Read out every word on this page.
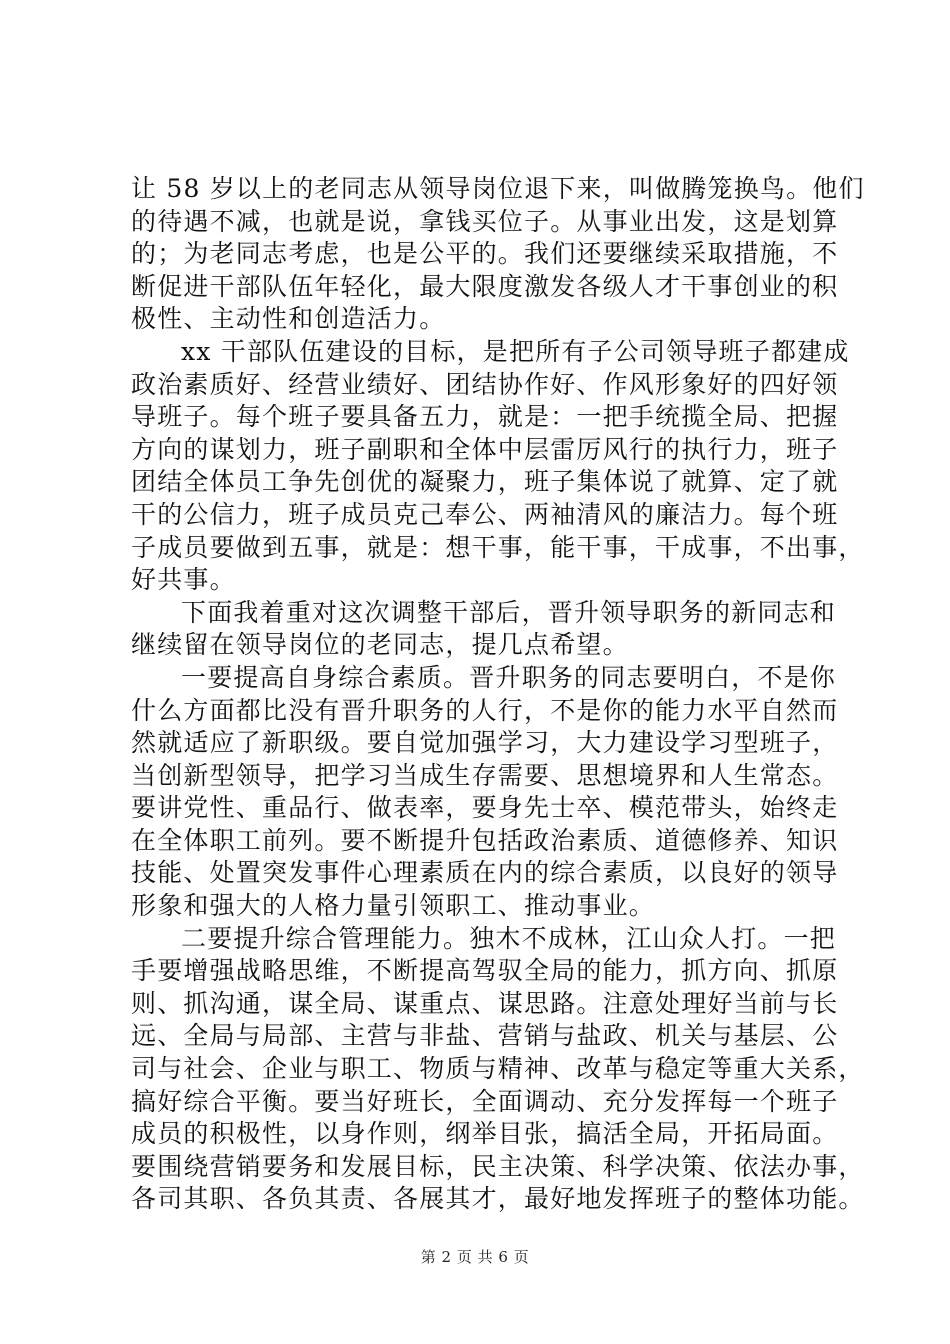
让 58 岁以上的老同志从领导岗位退下来，叫做腾笼换鸟。他们
的待遇不减，也就是说，拿钱买位子。从事业出发，这是划算
的；为老同志考虑，也是公平的。我们还要继续采取措施，不
断促进干部队伍年轻化，最大限度激发各级人才干事创业的积
极性、主动性和创造活力。
xx 干部队伍建设的目标，是把所有子公司领导班子都建成
政治素质好、经营业绩好、团结协作好、作风形象好的四好领
导班子。每个班子要具备五力，就是：一把手统揽全局、把握
方向的谋划力，班子副职和全体中层雷厉风行的执行力，班子
团结全体员工争先创优的凝聚力，班子集体说了就算、定了就
干的公信力，班子成员克己奉公、两袖清风的廉洁力。每个班
子成员要做到五事，就是：想干事，能干事，干成事，不出事，
好共事。
下面我着重对这次调整干部后，晋升领导职务的新同志和
继续留在领导岗位的老同志，提几点希望。
一要提高自身综合素质。晋升职务的同志要明白，不是你
什么方面都比没有晋升职务的人行，不是你的能力水平自然而
然就适应了新职级。要自觉加强学习，大力建设学习型班子，
当创新型领导，把学习当成生存需要、思想境界和人生常态。
要讲党性、重品行、做表率，要身先士卒、模范带头，始终走
在全体职工前列。要不断提升包括政治素质、道德修养、知识
技能、处置突发事件心理素质在内的综合素质，以良好的领导
形象和强大的人格力量引领职工、推动事业。
二要提升综合管理能力。独木不成林，江山众人打。一把
手要增强战略思维，不断提高驾驭全局的能力，抓方向、抓原
则、抓沟通，谋全局、谋重点、谋思路。注意处理好当前与长
远、全局与局部、主营与非盐、营销与盐政、机关与基层、公
司与社会、企业与职工、物质与精神、改革与稳定等重大关系，
搞好综合平衡。要当好班长，全面调动、充分发挥每一个班子
成员的积极性，以身作则，纲举目张，搞活全局，开拓局面。
要围绕营销要务和发展目标，民主决策、科学决策、依法办事，
各司其职、各负其责、各展其才，最好地发挥班子的整体功能。
第 2 页 共 6 页
